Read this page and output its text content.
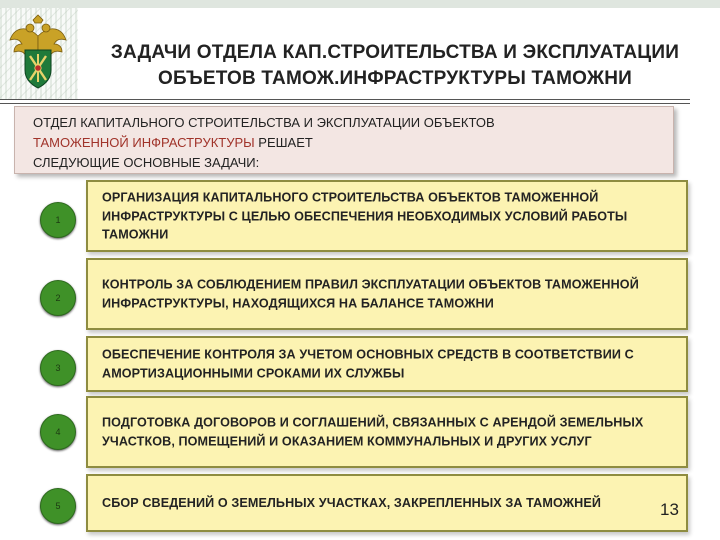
ЗАДАЧИ ОТДЕЛА КАП.СТРОИТЕЛЬСТВА И ЭКСПЛУАТАЦИИ
ОБЪЕТОВ ТАМОЖ.ИНФРАСТРУКТУРЫ ТАМОЖНИ
ОТДЕЛ КАПИТАЛЬНОГО СТРОИТЕЛЬСТВА И ЭКСПЛУАТАЦИИ ОБЪЕКТОВ
ТАМОЖЕННОЙ ИНФРАСТРУКТУРЫ РЕШАЕТ
СЛЕДУЮЩИЕ ОСНОВНЫЕ ЗАДАЧИ:
ОРГАНИЗАЦИЯ КАПИТАЛЬНОГО СТРОИТЕЛЬСТВА ОБЪЕКТОВ ТАМОЖЕННОЙ ИНФРАСТРУКТУРЫ С ЦЕЛЬЮ ОБЕСПЕЧЕНИЯ НЕОБХОДИМЫХ УСЛОВИЙ РАБОТЫ ТАМОЖНИ
1
КОНТРОЛЬ ЗА СОБЛЮДЕНИЕМ ПРАВИЛ ЭКСПЛУАТАЦИИ ОБЪЕКТОВ ТАМОЖЕННОЙ ИНФРАСТРУКТУРЫ, НАХОДЯЩИХСЯ НА БАЛАНСЕ ТАМОЖНИ
2
ОБЕСПЕЧЕНИЕ КОНТРОЛЯ ЗА УЧЕТОМ ОСНОВНЫХ СРЕДСТВ В СООТВЕТСТВИИ С АМОРТИЗАЦИОННЫМИ СРОКАМИ ИХ СЛУЖБЫ
3
ПОДГОТОВКА ДОГОВОРОВ И СОГЛАШЕНИЙ, СВЯЗАННЫХ С АРЕНДОЙ ЗЕМЕЛЬНЫХ УЧАСТКОВ, ПОМЕЩЕНИЙ И ОКАЗАНИЕМ КОММУНАЛЬНЫХ И ДРУГИХ УСЛУГ
4
СБОР СВЕДЕНИЙ О ЗЕМЕЛЬНЫХ УЧАСТКАХ, ЗАКРЕПЛЕННЫХ ЗА ТАМОЖНЕЙ
5	13
